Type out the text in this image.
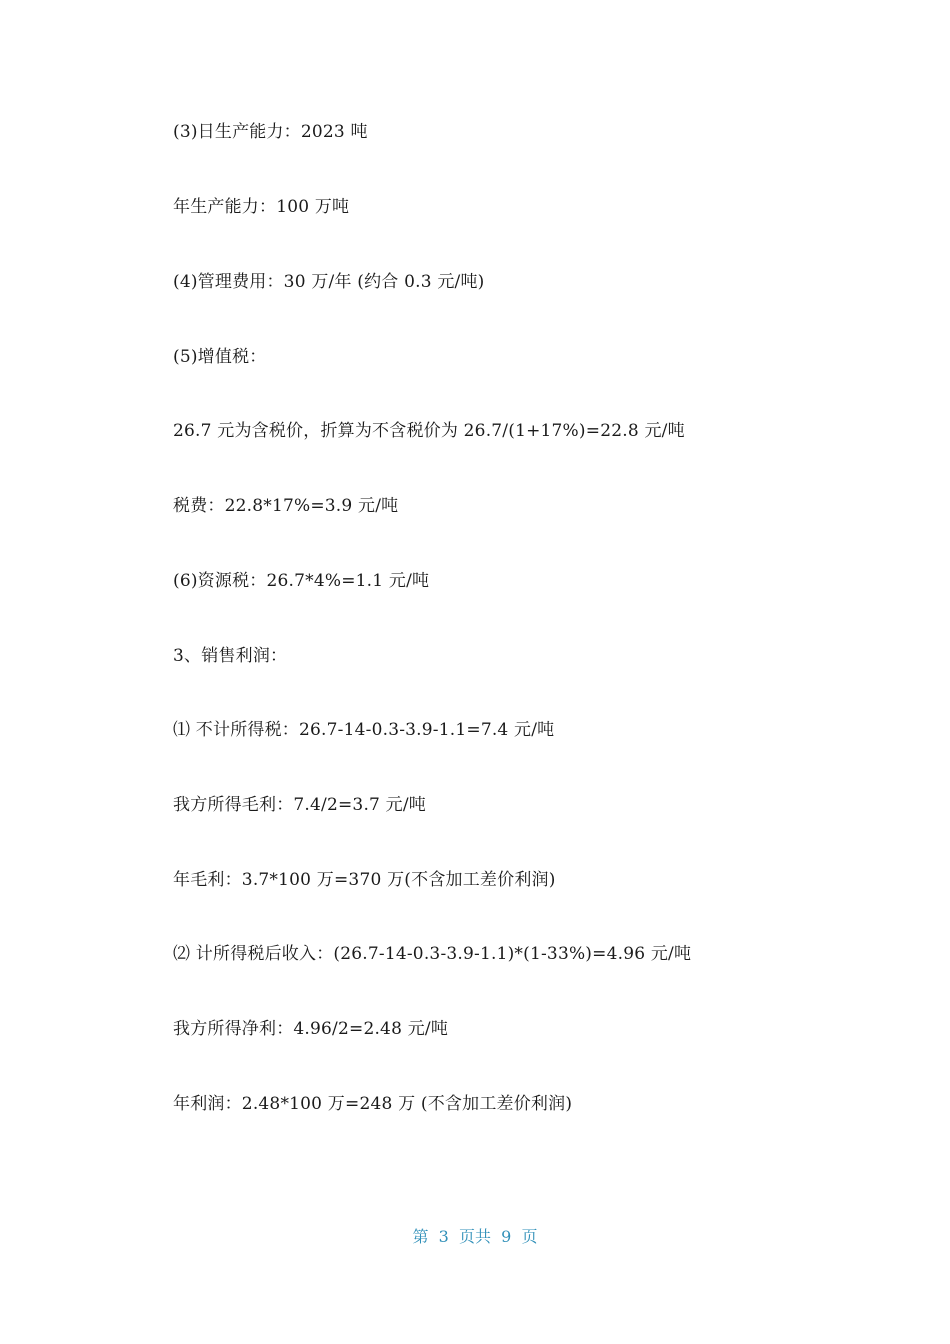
(3)日生产能力：2023 吨
年生产能力：100 万吨
(4)管理费用：30 万/年 (约合 0.3 元/吨)
(5)增值税：
26.7 元为含税价，折算为不含税价为 26.7/(1+17%)=22.8 元/吨
税费：22.8*17%=3.9 元/吨
(6)资源税：26.7*4%=1.1 元/吨
3、销售利润：
⑴ 不计所得税：26.7-14-0.3-3.9-1.1=7.4 元/吨
我方所得毛利：7.4/2=3.7 元/吨
年毛利：3.7*100 万=370 万(不含加工差价利润)
⑵ 计所得税后收入：(26.7-14-0.3-3.9-1.1)*(1-33%)=4.96 元/吨
我方所得净利：4.96/2=2.48 元/吨
年利润：2.48*100 万=248 万 (不含加工差价利润)
第  3  页共  9  页
